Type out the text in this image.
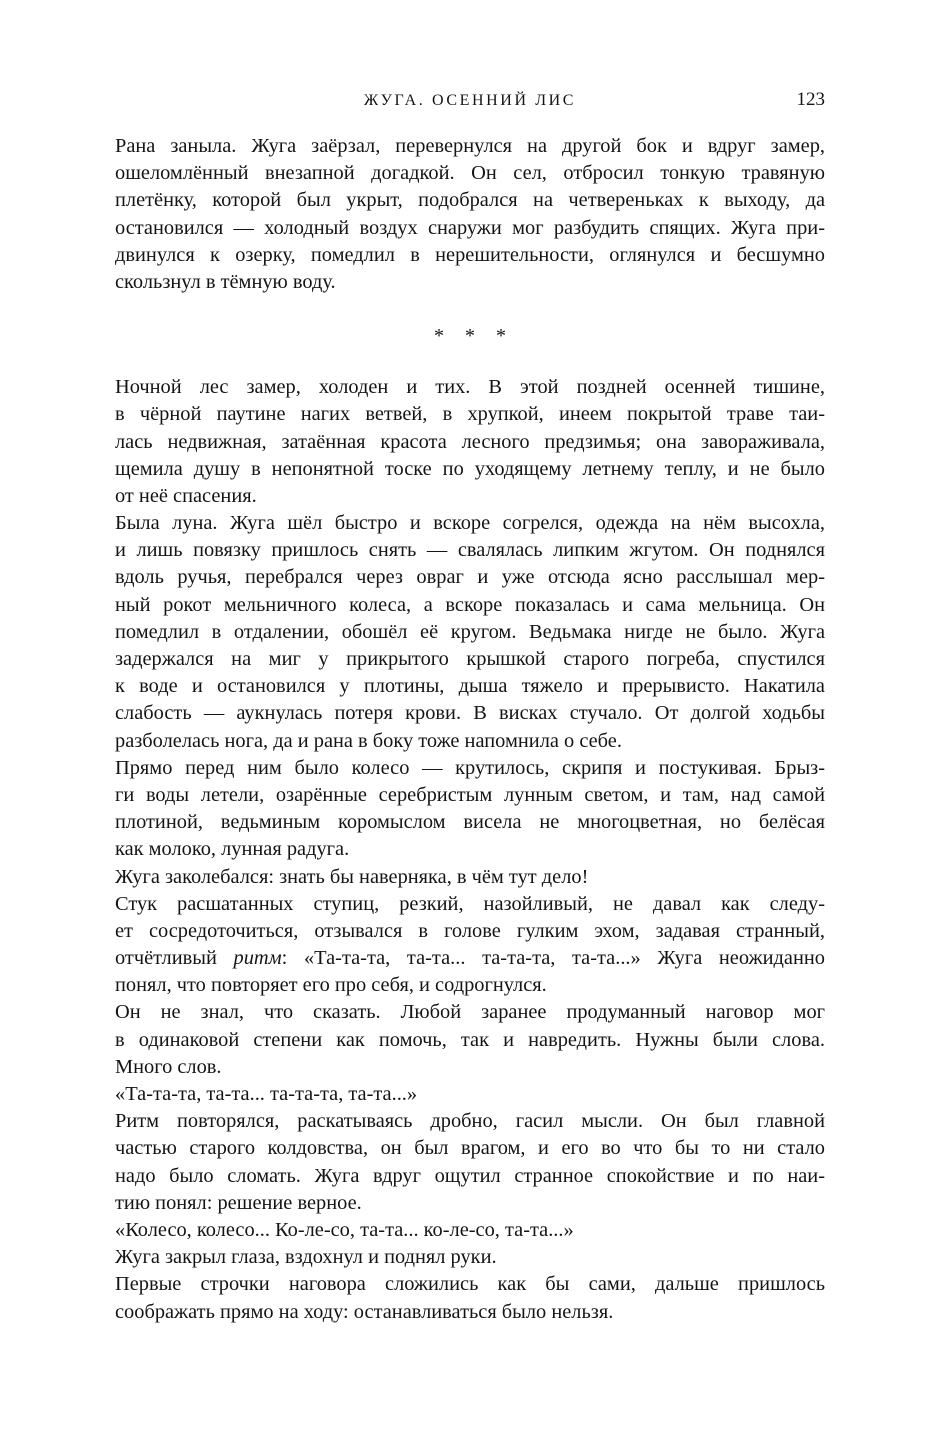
ЖУГА. ОСЕННИЙ ЛИС	123
Рана заныла. Жуга заёрзал, перевернулся на другой бок и вдруг замер,
ошеломлённый внезапной догадкой. Он сел, отбросил тонкую травяную
плетёнку, которой был укрыт, подобрался на четвереньках к выходу, да
остановился — холодный воздух снаружи мог разбудить спящих. Жуга при-
двинулся к озерку, помедлил в нерешительности, оглянулся и бесшумно
скользнул в тёмную воду.
* * *
Ночной лес замер, холоден и тих. В этой поздней осенней тишине,
в чёрной паутине нагих ветвей, в хрупкой, инеем покрытой траве таи-
лась недвижная, затаённая красота лесного предзимья; она завораживала,
щемила душу в непонятной тоске по уходящему летнему теплу, и не было
от неё спасения.
Была луна. Жуга шёл быстро и вскоре согрелся, одежда на нём высохла,
и лишь повязку пришлось снять — свалялась липким жгутом. Он поднялся
вдоль ручья, перебрался через овраг и уже отсюда ясно расслышал мер-
ный рокот мельничного колеса, а вскоре показалась и сама мельница. Он
помедлил в отдалении, обошёл её кругом. Ведьмака нигде не было. Жуга
задержался на миг у прикрытого крышкой старого погреба, спустился
к воде и остановился у плотины, дыша тяжело и прерывисто. Накатила
слабость — аукнулась потеря крови. В висках стучало. От долгой ходьбы
разболелась нога, да и рана в боку тоже напомнила о себе.
Прямо перед ним было колесо — крутилось, скрипя и постукивая. Брыз-
ги воды летели, озарённые серебристым лунным светом, и там, над самой
плотиной, ведьминым коромыслом висела не многоцветная, но белёсая
как молоко, лунная радуга.
Жуга заколебался: знать бы наверняка, в чём тут дело!
Стук расшатанных ступиц, резкий, назойливый, не давал как следу-
ет сосредоточиться, отзывался в голове гулким эхом, задавая странный,
отчётливый ритм: «Та-та-та, та-та... та-та-та, та-та...» Жуга неожиданно
понял, что повторяет его про себя, и содрогнулся.
Он не знал, что сказать. Любой заранее продуманный наговор мог
в одинаковой степени как помочь, так и навредить. Нужны были слова.
Много слов.
«Та-та-та, та-та... та-та-та, та-та...»
Ритм повторялся, раскатываясь дробно, гасил мысли. Он был главной
частью старого колдовства, он был врагом, и его во что бы то ни стало
надо было сломать. Жуга вдруг ощутил странное спокойствие и по наи-
тию понял: решение верное.
«Колесо, колесо... Ко-ле-со, та-та... ко-ле-со, та-та...»
Жуга закрыл глаза, вздохнул и поднял руки.
Первые строчки наговора сложились как бы сами, дальше пришлось
соображать прямо на ходу: останавливаться было нельзя.
